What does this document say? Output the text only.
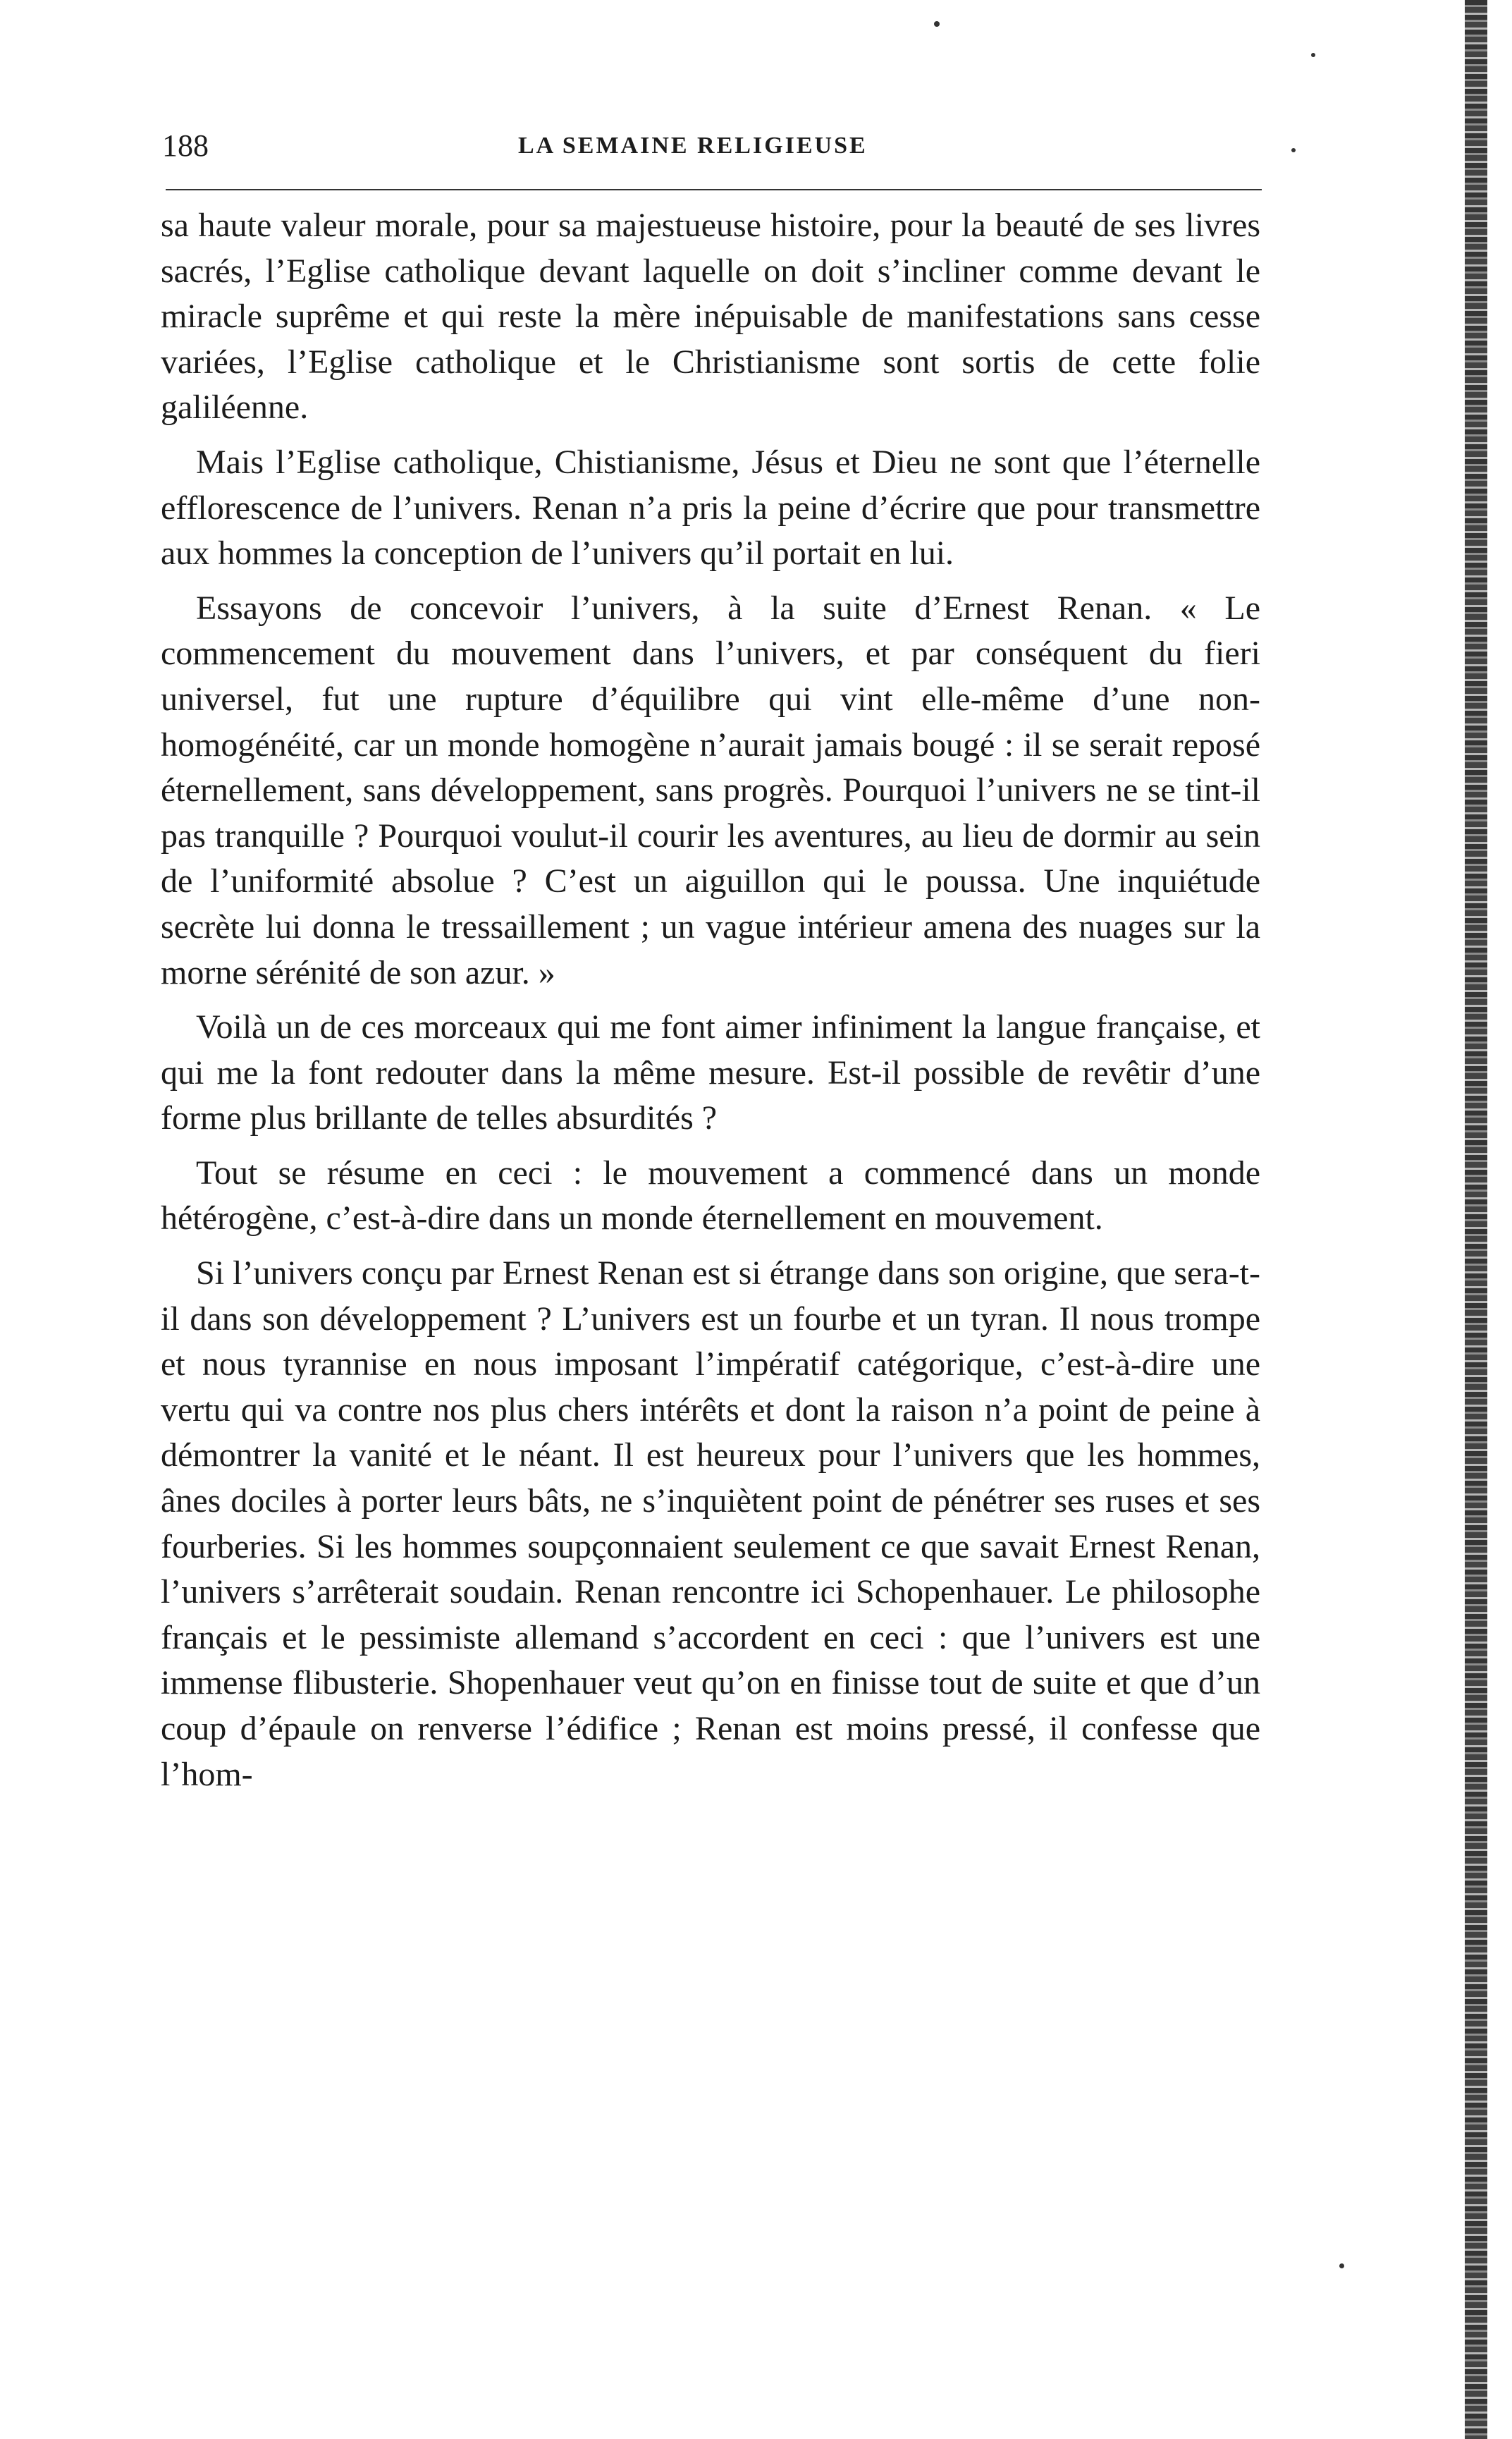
188	LA SEMAINE RELIGIEUSE

sa haute valeur morale, pour sa majestueuse histoire, pour la beauté de ses livres sacrés, l’Eglise catholique devant laquelle on doit s’incliner comme devant le miracle suprême et qui reste la mère inépuisable de manifestations sans cesse variées, l’Eglise catholique et le Christianisme sont sortis de cette folie galiléenne.

Mais l’Eglise catholique, Chistianisme, Jésus et Dieu ne sont que l’éternelle efflorescence de l’univers. Renan n’a pris la peine d’écrire que pour transmettre aux hommes la conception de l’univers qu’il portait en lui.

Essayons de concevoir l’univers, à la suite d’Ernest Renan. « Le commencement du mouvement dans l’univers, et par conséquent du fieri universel, fut une rupture d’équilibre qui vint elle-même d’une non-homogénéité, car un monde homogène n’aurait jamais bougé : il se serait reposé éternellement, sans développement, sans progrès. Pourquoi l’univers ne se tint-il pas tranquille ? Pourquoi voulut-il courir les aventures, au lieu de dormir au sein de l’uniformité absolue ? C’est un aiguillon qui le poussa. Une inquiétude secrète lui donna le tressaillement ; un vague intérieur amena des nuages sur la morne sérénité de son azur. »

Voilà un de ces morceaux qui me font aimer infiniment la langue française, et qui me la font redouter dans la même mesure. Est-il possible de revêtir d’une forme plus brillante de telles absurdités ?

Tout se résume en ceci : le mouvement a commencé dans un monde hétérogène, c’est-à-dire dans un monde éternellement en mouvement.

Si l’univers conçu par Ernest Renan est si étrange dans son origine, que sera-t-il dans son développement ? L’univers est un fourbe et un tyran. Il nous trompe et nous tyrannise en nous imposant l’impératif catégorique, c’est-à-dire une vertu qui va contre nos plus chers intérêts et dont la raison n’a point de peine à démontrer la vanité et le néant. Il est heureux pour l’univers que les hommes, ânes dociles à porter leurs bâts, ne s’inquiètent point de pénétrer ses ruses et ses fourberies. Si les hommes soupçonnaient seulement ce que savait Ernest Renan, l’univers s’arrêterait soudain. Renan rencontre ici Schopenhauer. Le philosophe français et le pessimiste allemand s’accordent en ceci : que l’univers est une immense flibusterie. Shopenhauer veut qu’on en finisse tout de suite et que d’un coup d’épaule on renverse l’édifice ; Renan est moins pressé, il confesse que l’hom-
